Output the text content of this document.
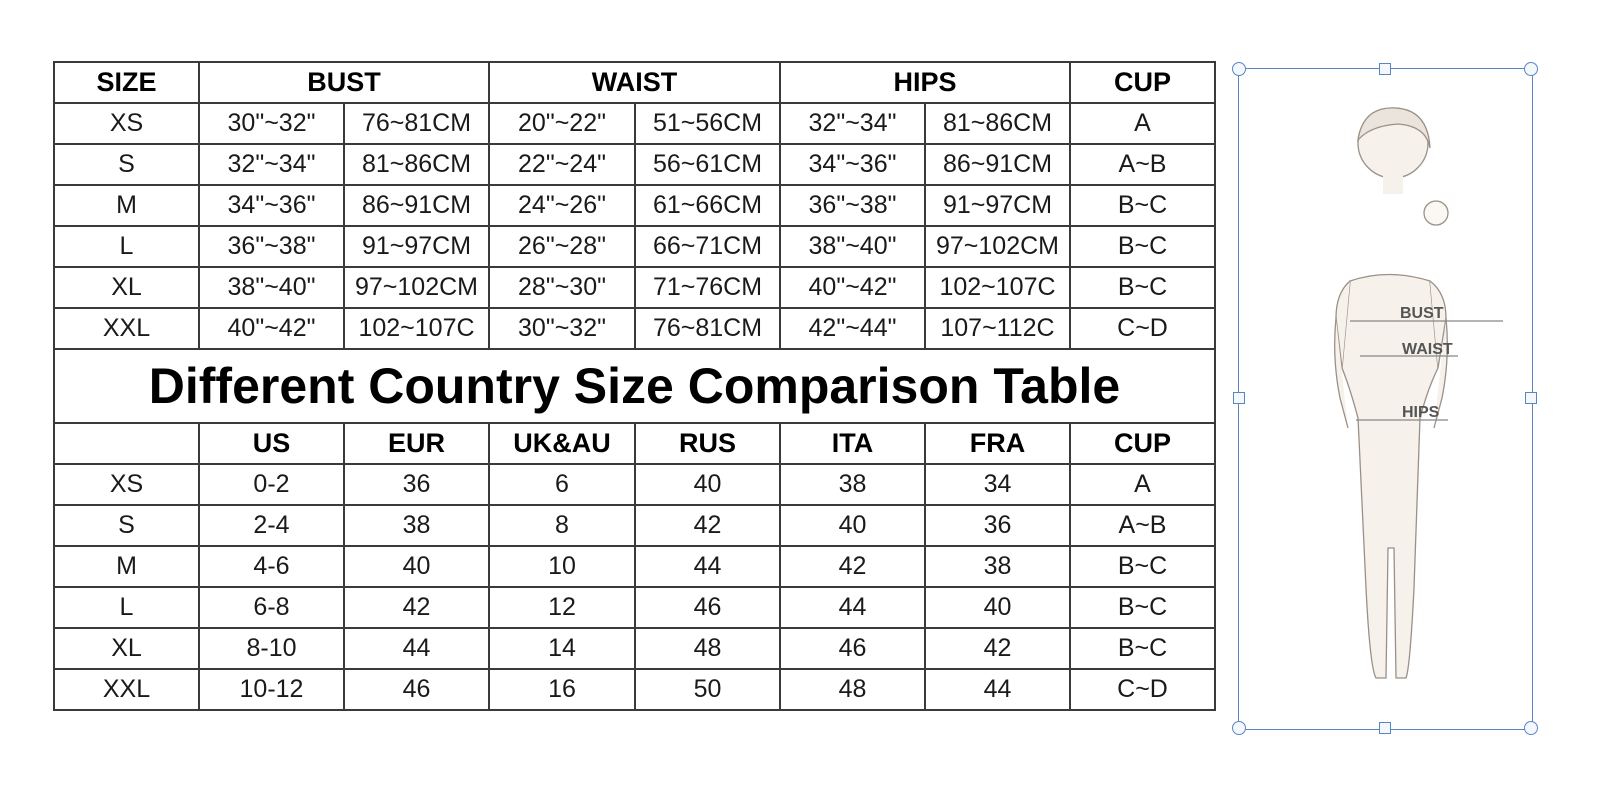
SIZE	BUST		WAIST		HIPS		CUP
XS	30"~32"	76~81CM	20"~22"	51~56CM	32"~34"	81~86CM	A
S	32"~34"	81~86CM	22"~24"	56~61CM	34"~36"	86~91CM	A~B
M	34"~36"	86~91CM	24"~26"	61~66CM	36"~38"	91~97CM	B~C
L	36"~38"	91~97CM	26"~28"	66~71CM	38"~40"	97~102CM	B~C
XL	38"~40"	97~102CM	28"~30"	71~76CM	40"~42"	102~107C	B~C
XXL	40"~42"	102~107C	30"~32"	76~81CM	42"~44"	107~112C	C~D
Different Country Size Comparison Table							
	US	EUR	UK&AU	RUS	ITA	FRA	CUP
XS	0-2	36	6	40	38	34	A
S	2-4	38	8	42	40	36	A~B
M	4-6	40	10	44	42	38	B~C
L	6-8	42	12	46	44	40	B~C
XL	8-10	44	14	48	46	42	B~C
XXL	10-12	46	16	50	48	44	C~D
BUST
WAIST
HIPS
